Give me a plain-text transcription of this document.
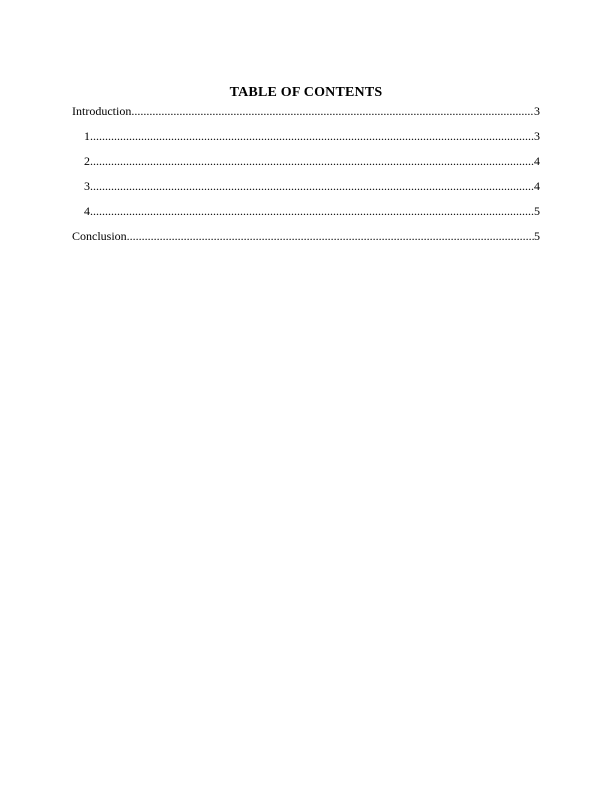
TABLE OF CONTENTS
Introduction .....	3
1 .....	3
2 .....	4
3 .....	4
4 .....	5
Conclusion .....	5
